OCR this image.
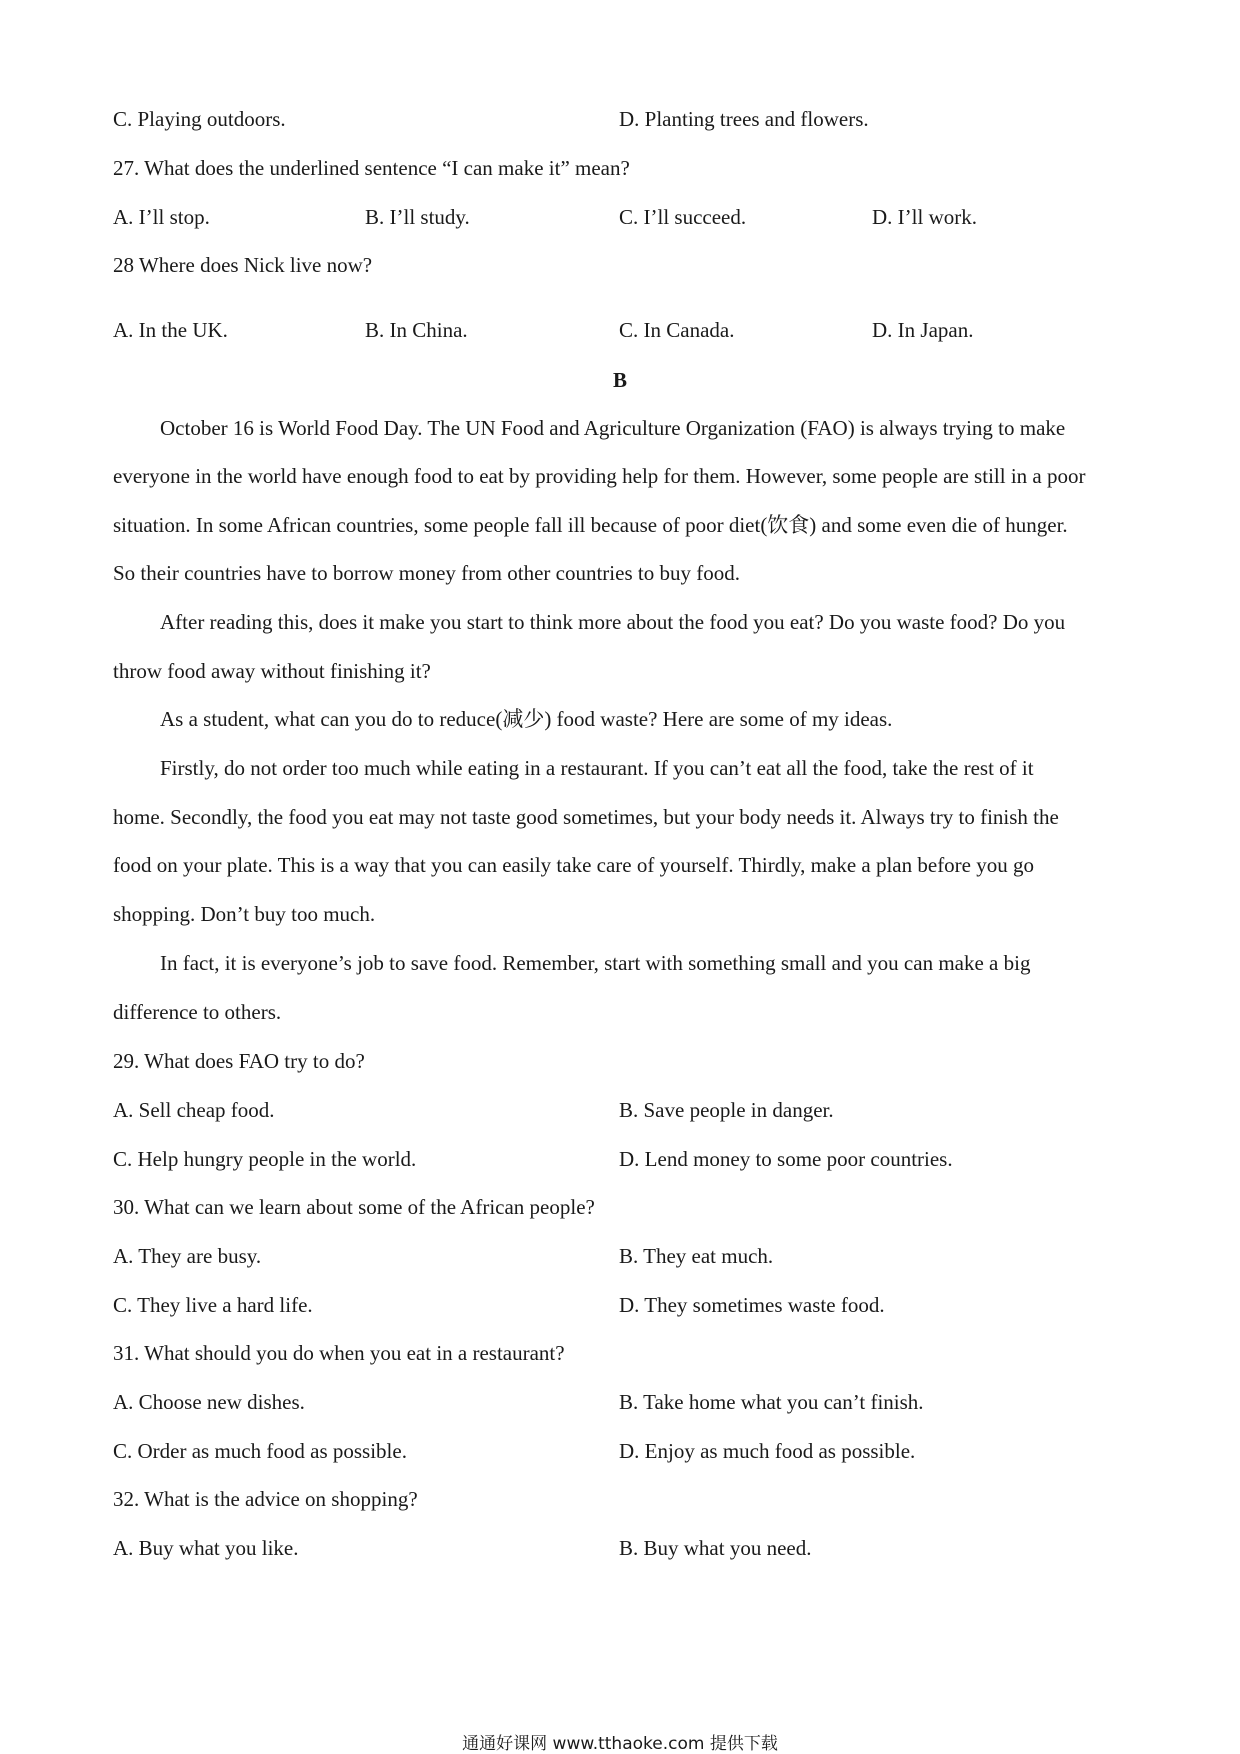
C. Playing outdoors.	D. Planting trees and flowers.
27. What does the underlined sentence “I can make it” mean?
A. I’ll stop.	B. I’ll study.	C. I’ll succeed.	D. I’ll work.
28 Where does Nick live now?
A. In the UK.	B. In China.	C. In Canada.	D. In Japan.
B
October 16 is World Food Day. The UN Food and Agriculture Organization (FAO) is always trying to make
everyone in the world have enough food to eat by providing help for them. However, some people are still in a poor
situation. In some African countries, some people fall ill because of poor diet(饮食) and some even die of hunger.
So their countries have to borrow money from other countries to buy food.
After reading this, does it make you start to think more about the food you eat? Do you waste food? Do you
throw food away without finishing it?
As a student, what can you do to reduce(减少) food waste? Here are some of my ideas.
Firstly, do not order too much while eating in a restaurant. If you can’t eat all the food, take the rest of it
home. Secondly, the food you eat may not taste good sometimes, but your body needs it. Always try to finish the
food on your plate. This is a way that you can easily take care of yourself. Thirdly, make a plan before you go
shopping. Don’t buy too much.
In fact, it is everyone’s job to save food. Remember, start with something small and you can make a big
difference to others.
29. What does FAO try to do?
A. Sell cheap food.	B. Save people in danger.
C. Help hungry people in the world.	D. Lend money to some poor countries.
30. What can we learn about some of the African people?
A. They are busy.	B. They eat much.
C. They live a hard life.	D. They sometimes waste food.
31. What should you do when you eat in a restaurant?
A. Choose new dishes.	B. Take home what you can’t finish.
C. Order as much food as possible.	D. Enjoy as much food as possible.
32. What is the advice on shopping?
A. Buy what you like.	B. Buy what you need.
通通好课网 www.tthaoke.com 提供下载
